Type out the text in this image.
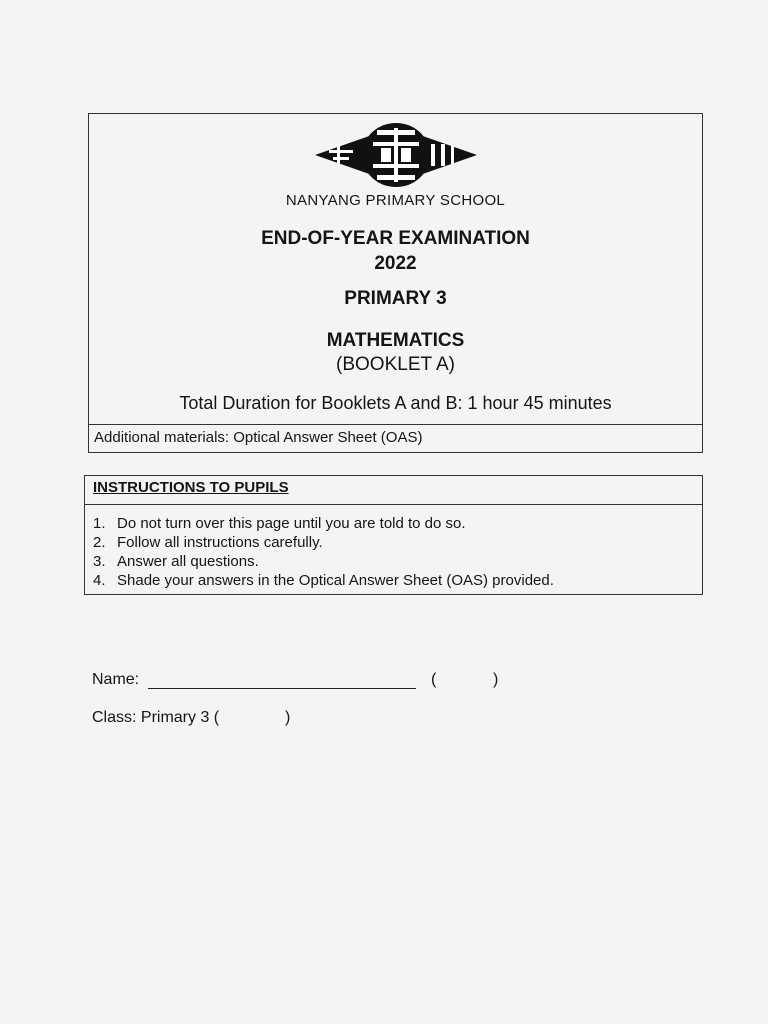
NANYANG PRIMARY SCHOOL
END-OF-YEAR EXAMINATION
2022
PRIMARY 3
MATHEMATICS
(BOOKLET A)
Total Duration for Booklets A and B: 1 hour 45 minutes
Additional materials: Optical Answer Sheet (OAS)
INSTRUCTIONS TO PUPILS
1. Do not turn over this page until you are told to do so.
2. Follow all instructions carefully.
3. Answer all questions.
4. Shade your answers in the Optical Answer Sheet (OAS) provided.
Name:	(	)
Class: Primary 3 (	)
